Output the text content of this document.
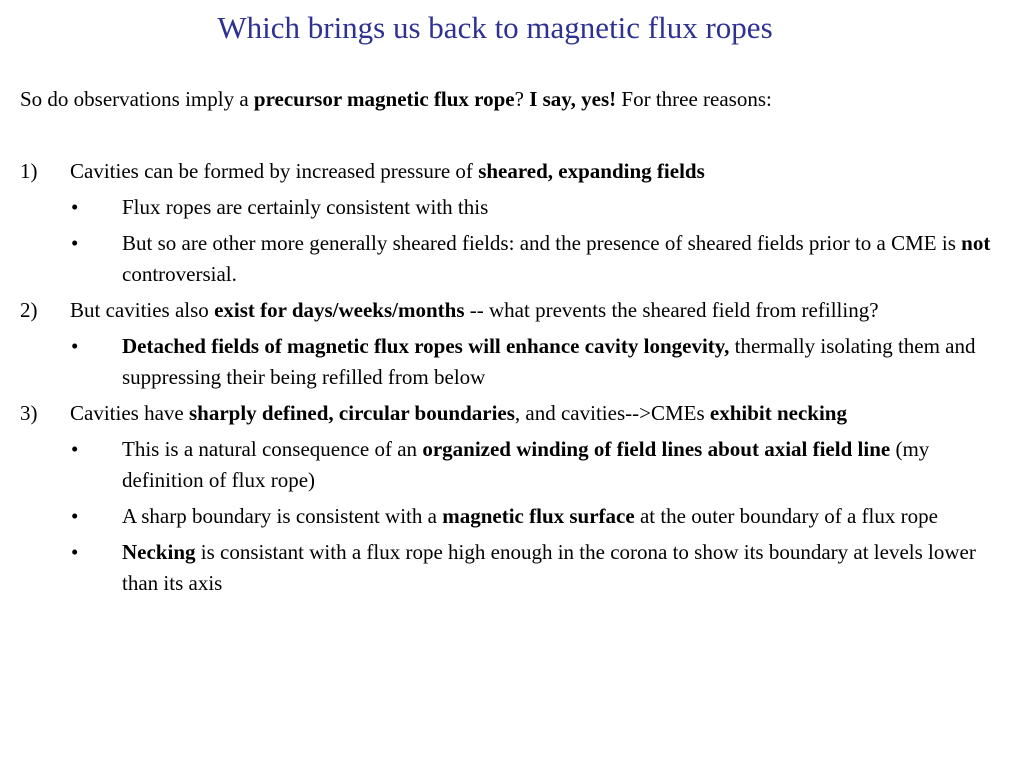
Which brings us back to magnetic flux ropes
So do observations imply a precursor magnetic flux rope? I say, yes! For three reasons:
1) Cavities can be formed by increased pressure of sheared, expanding fields
• Flux ropes are certainly consistent with this
• But so are other more generally sheared fields: and the presence of sheared fields prior to a CME is not controversial.
2) But cavities also exist for days/weeks/months -- what prevents the sheared field from refilling?
• Detached fields of magnetic flux ropes will enhance cavity longevity, thermally isolating them and suppressing their being refilled from below
3) Cavities have sharply defined, circular boundaries, and cavities-->CMEs exhibit necking
• This is a natural consequence of an organized winding of field lines about axial field line (my definition of flux rope)
• A sharp boundary is consistent with a magnetic flux surface at the outer boundary of a flux rope
• Necking is consistant with a flux rope high enough in the corona to show its boundary at levels lower than its axis
